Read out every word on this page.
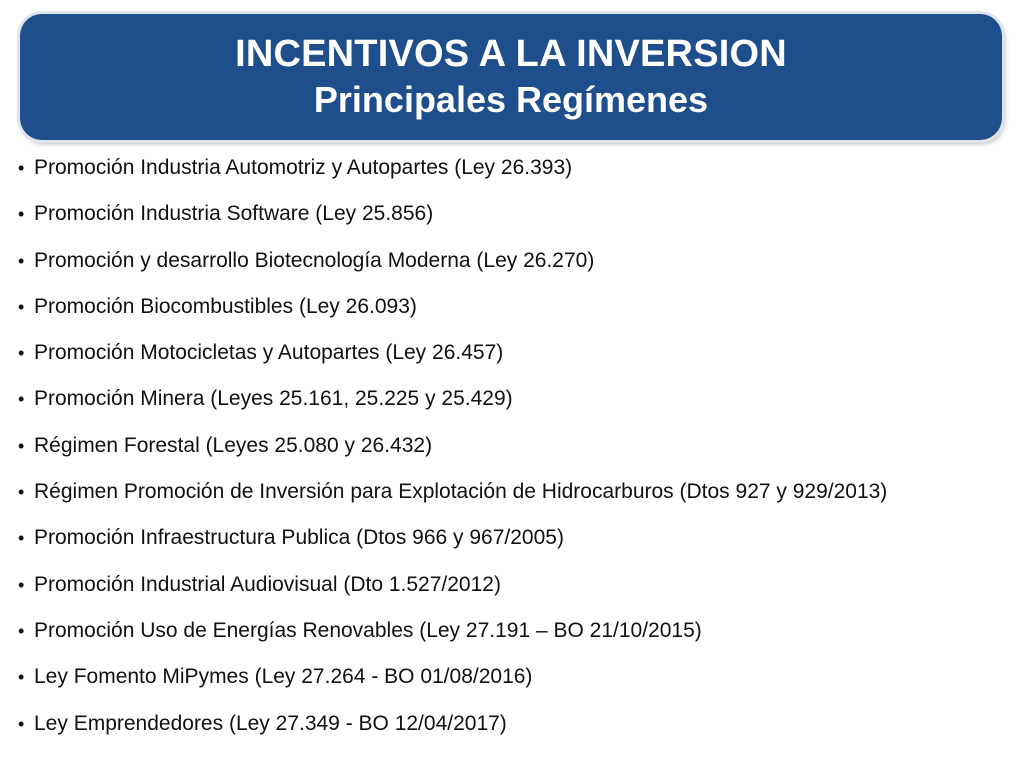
INCENTIVOS A LA INVERSION
Principales Regímenes
• Promoción Industria Automotriz y Autopartes (Ley 26.393)
• Promoción Industria Software (Ley 25.856)
• Promoción y desarrollo Biotecnología Moderna (Ley 26.270)
• Promoción Biocombustibles (Ley 26.093)
• Promoción Motocicletas y Autopartes (Ley 26.457)
• Promoción Minera (Leyes 25.161, 25.225 y 25.429)
• Régimen Forestal (Leyes 25.080 y 26.432)
• Régimen Promoción de Inversión para Explotación de Hidrocarburos (Dtos 927 y 929/2013)
• Promoción Infraestructura Publica (Dtos 966 y 967/2005)
• Promoción Industrial Audiovisual (Dto 1.527/2012)
• Promoción Uso de Energías Renovables (Ley 27.191 – BO 21/10/2015)
• Ley Fomento MiPymes (Ley 27.264 - BO 01/08/2016)
• Ley Emprendedores (Ley 27.349 - BO 12/04/2017)
